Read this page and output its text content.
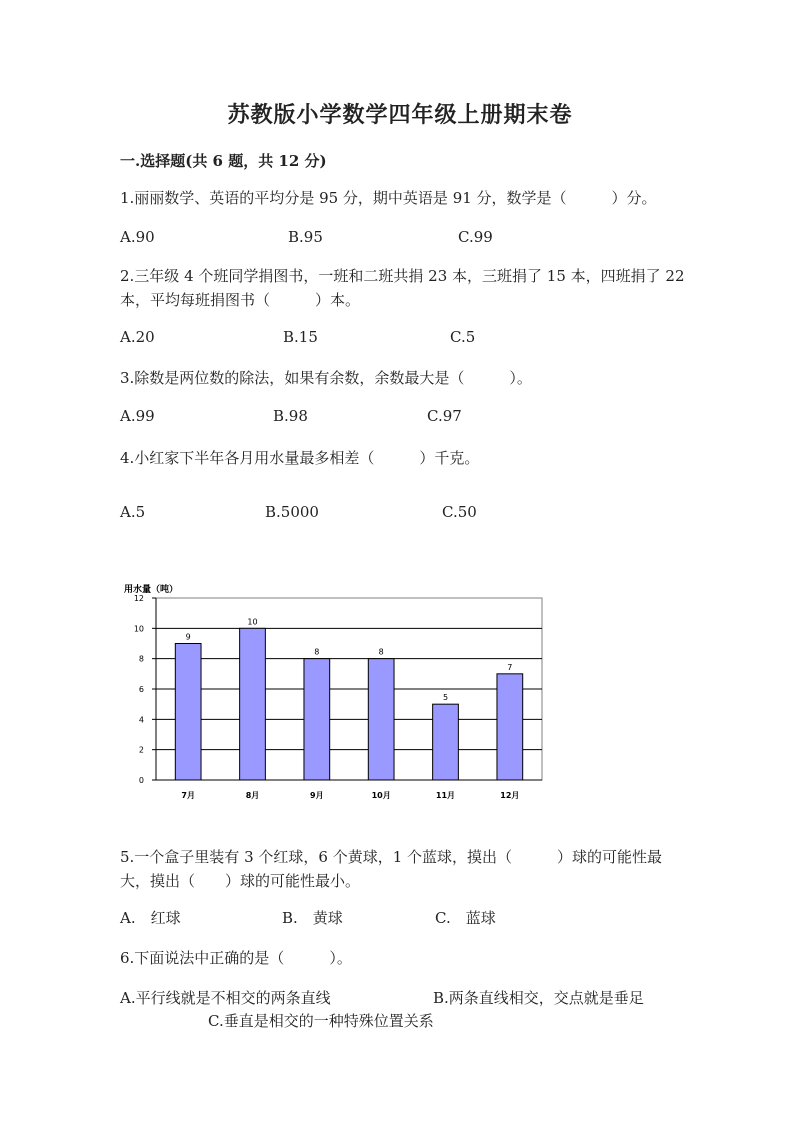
苏教版小学数学四年级上册期末卷
一.选择题(共 6 题，共 12 分)
1.丽丽数学、英语的平均分是 95 分，期中英语是 91 分，数学是（　　　）分。
A.90	B.95	C.99
2.三年级 4 个班同学捐图书，一班和二班共捐 23 本，三班捐了 15 本，四班捐了 22 本，平均每班捐图书（　　　）本。
A.20	B.15	C.5
3.除数是两位数的除法，如果有余数，余数最大是（　　　）。
A.99	B.98	C.97
4.小红家下半年各月用水量最多相差（　　　）千克。
A.5	B.5000	C.50
用水量（吨）
0
2
4
6
8
10
12
9
7月
10
8月
8
9月
8
10月
5
11月
7
12月
5.一个盒子里装有 3 个红球，6 个黄球，1 个蓝球，摸出（　　　）球的可能性最大，摸出（　　）球的可能性最小。
A.　红球	B.　黄球	C.　蓝球
6.下面说法中正确的是（　　　）。
A.平行线就是不相交的两条直线	B.两条直线相交，交点就是垂足
C.垂直是相交的一种特殊位置关系
